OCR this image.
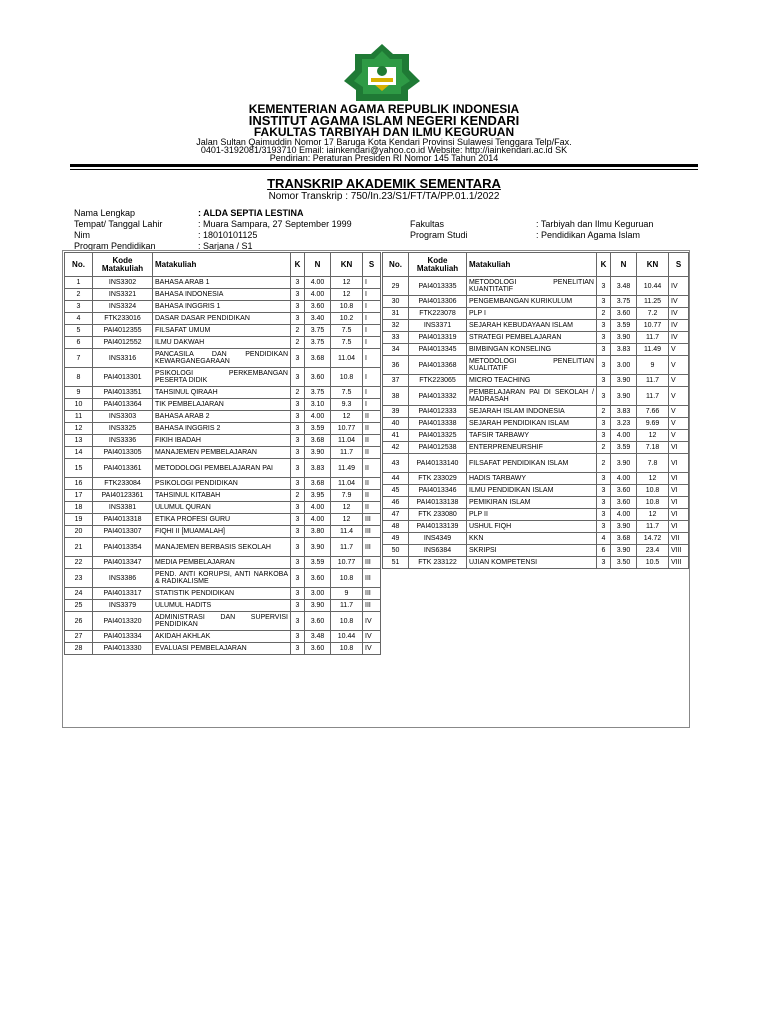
KEMENTERIAN AGAMA REPUBLIK INDONESIA
INSTITUT AGAMA ISLAM NEGERI KENDARI
FAKULTAS TARBIYAH DAN ILMU KEGURUAN
Jalan Sultan Qaimuddin Nomor 17 Baruga Kota Kendari Provinsi Sulawesi Tenggara Telp/Fax.
0401-3192081/3193710 Email: iainkendari@yahoo.co.id Website: http://iainkendari.ac.id SK
Pendirian: Peraturan Presiden RI Nomor 145 Tahun 2014
TRANSKRIP AKADEMIK SEMENTARA
Nomor Transkrip : 750/In.23/S1/FT/TA/PP.01.1/2022
Nama Lengkap
Tempat/ Tanggal Lahir
Nim
Program Pendidikan
: ALDA SEPTIA LESTINA
: Muara Sampara, 27 September 1999
: 18010101125
: Sarjana / S1
Fakultas
Program Studi
: Tarbiyah dan Ilmu Keguruan
: Pendidikan Agama Islam
No.	Kode Matakuliah	Matakuliah	K	N	KN	S
1	INS3302	BAHASA ARAB 1	3	4.00	12	I
2	INS3321	BAHASA INDONESIA	3	4.00	12	I
3	INS3324	BAHASA INGGRIS 1	3	3.60	10.8	I
4	FTK233016	DASAR DASAR PENDIDIKAN	3	3.40	10.2	I
5	PAI4012355	FILSAFAT UMUM	2	3.75	7.5	I
6	PAI4012552	ILMU DAKWAH	2	3.75	7.5	I
7	INS3316	PANCASILA DAN PENDIDIKAN KEWARGANEGARAAN	3	3.68	11.04	I
8	PAI4013301	PSIKOLOGI PERKEMBANGAN PESERTA DIDIK	3	3.60	10.8	I
9	PAI4013351	TAHSINUL QIRAAH	2	3.75	7.5	I
10	PAI4013364	TIK PEMBELAJARAN	3	3.10	9.3	I
11	INS3303	BAHASA ARAB 2	3	4.00	12	II
12	INS3325	BAHASA INGGRIS 2	3	3.59	10.77	II
13	INS3336	FIKIH IBADAH	3	3.68	11.04	II
14	PAI4013305	MANAJEMEN PEMBELAJARAN	3	3.90	11.7	II
15	PAI4013361	METODOLOGI PEMBELAJARAN PAI	3	3.83	11.49	II
16	FTK233084	PSIKOLOGI PENDIDIKAN	3	3.68	11.04	II
17	PAI40123361	TAHSINUL KITABAH	2	3.95	7.9	II
18	INS3381	ULUMUL QURAN	3	4.00	12	II
19	PAI4013318	ETIKA PROFESI GURU	3	4.00	12	III
20	PAI4013307	FIQHI II [MUAMALAH]	3	3.80	11.4	III
21	PAI4013354	MANAJEMEN BERBASIS SEKOLAH	3	3.90	11.7	III
22	PAI4013347	MEDIA PEMBELAJARAN	3	3.59	10.77	III
23	INS3386	PEND. ANTI KORUPSI, ANTI NARKOBA & RADIKALISME	3	3.60	10.8	III
24	PAI4013317	STATISTIK PENDIDIKAN	3	3.00	9	III
25	INS3379	ULUMUL HADITS	3	3.90	11.7	III
26	PAI4013320	ADMINISTRASI DAN SUPERVISI PENDIDIKAN	3	3.60	10.8	IV
27	PAI4013334	AKIDAH AKHLAK	3	3.48	10.44	IV
28	PAI4013330	EVALUASI PEMBELAJARAN	3	3.60	10.8	IV
No.	Kode Matakuliah	Matakuliah	K	N	KN	S
29	PAI4013335	METODOLOGI PENELITIAN KUANTITATIF	3	3.48	10.44	IV
30	PAI4013306	PENGEMBANGAN KURIKULUM	3	3.75	11.25	IV
31	FTK223078	PLP I	2	3.60	7.2	IV
32	INS3371	SEJARAH KEBUDAYAAN ISLAM	3	3.59	10.77	IV
33	PAI4013319	STRATEGI PEMBELAJARAN	3	3.90	11.7	IV
34	PAI4013345	BIMBINGAN KONSELING	3	3.83	11.49	V
36	PAI4013368	METODOLOGI PENELITIAN KUALITATIF	3	3.00	9	V
37	FTK223065	MICRO TEACHING	3	3.90	11.7	V
38	PAI4013332	PEMBELAJARAN PAI DI SEKOLAH / MADRASAH	3	3.90	11.7	V
39	PAI4012333	SEJARAH ISLAM INDONESIA	2	3.83	7.66	V
40	PAI4013338	SEJARAH PENDIDIKAN ISLAM	3	3.23	9.69	V
41	PAI4013325	TAFSIR TARBAWY	3	4.00	12	V
42	PAI4012538	ENTERPRENEURSHIF	2	3.59	7.18	VI
43	PAI40133140	FILSAFAT PENDIDIKAN ISLAM	2	3.90	7.8	VI
44	FTK 233029	HADIS TARBAWY	3	4.00	12	VI
45	PAI4013346	ILMU PENDIDIKAN ISLAM	3	3.60	10.8	VI
46	PAI40133138	PEMIKIRAN ISLAM	3	3.60	10.8	VI
47	FTK 233080	PLP II	3	4.00	12	VI
48	PAI40133139	USHUL FIQH	3	3.90	11.7	VI
49	INS4349	KKN	4	3.68	14.72	VII
50	INS6384	SKRIPSI	6	3.90	23.4	VIII
51	FTK 233122	UJIAN KOMPETENSI	3	3.50	10.5	VIII
